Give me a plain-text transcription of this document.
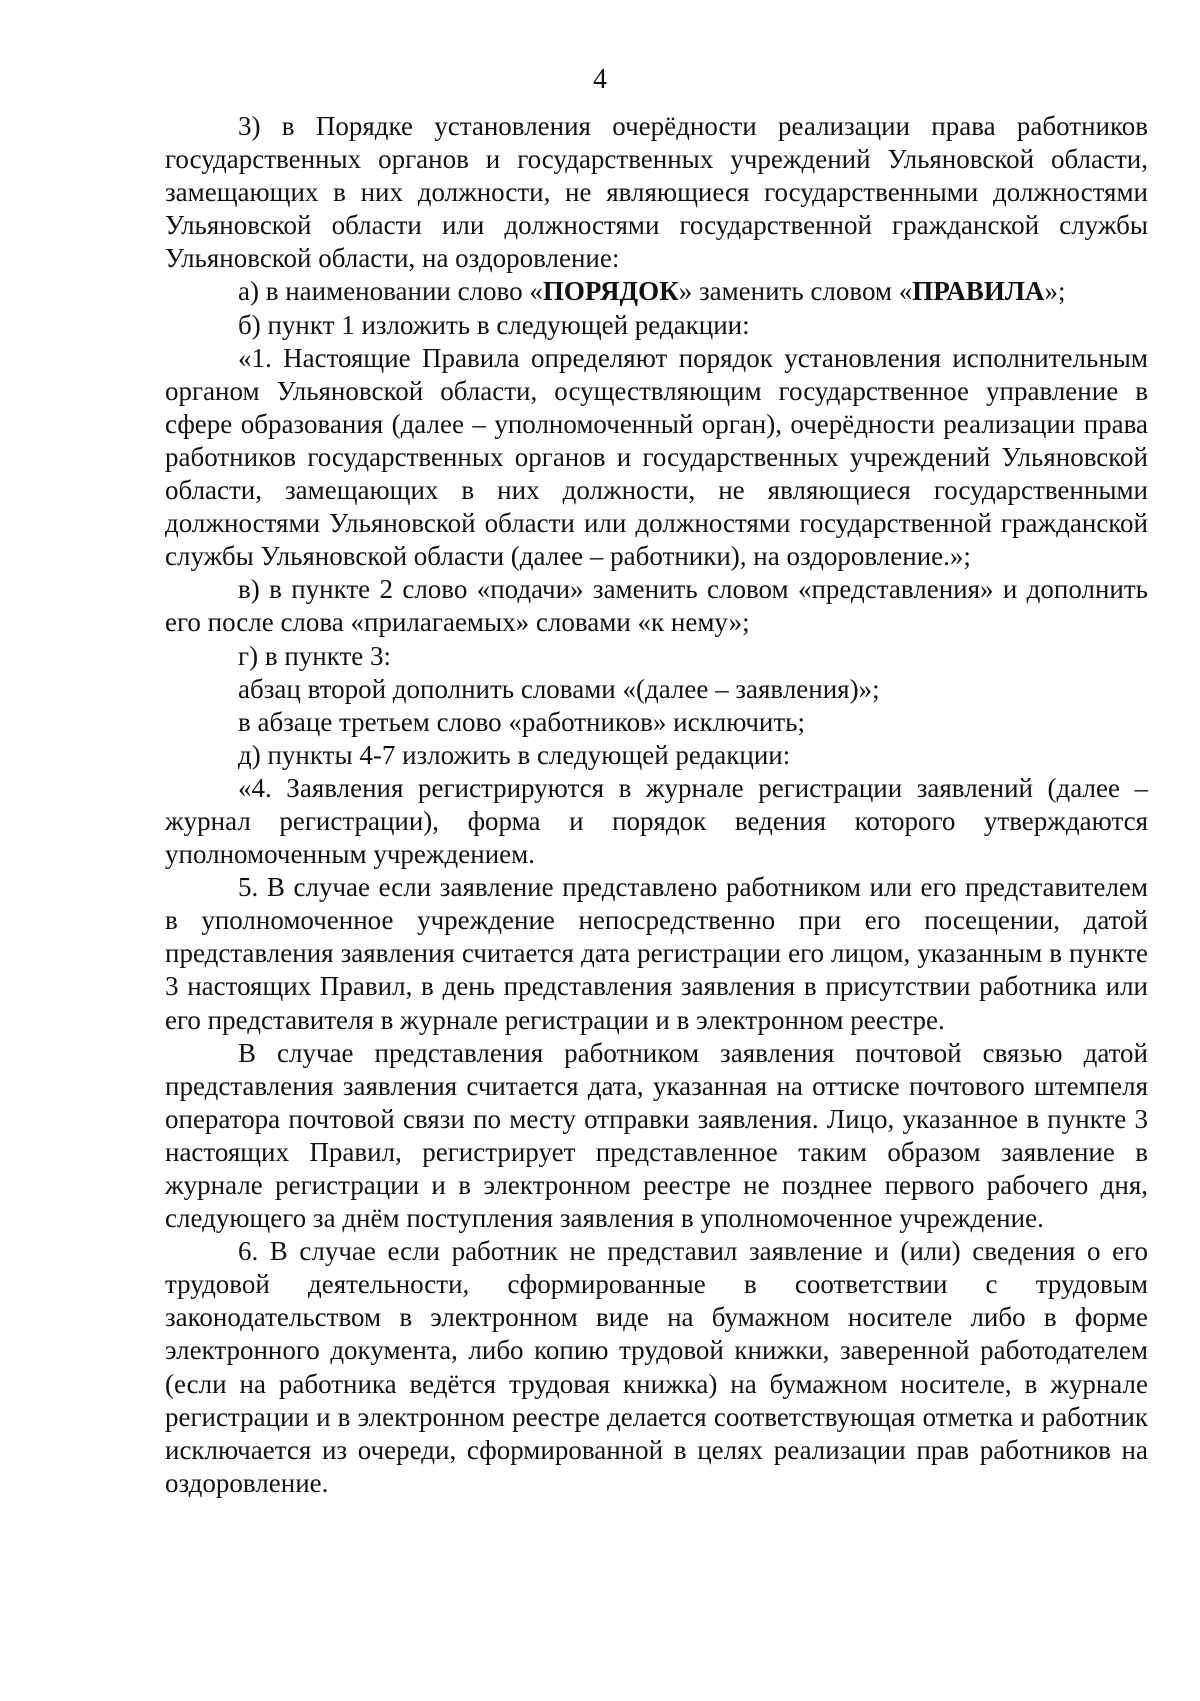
4

3) в Порядке установления очерёдности реализации права работников государственных органов и государственных учреждений Ульяновской области, замещающих в них должности, не являющиеся государственными должностями Ульяновской области или должностями государственной гражданской службы Ульяновской области, на оздоровление:

а) в наименовании слово «ПОРЯДОК» заменить словом «ПРАВИЛА»;

б) пункт 1 изложить в следующей редакции:

«1. Настоящие Правила определяют порядок установления исполнительным органом Ульяновской области, осуществляющим государственное управление в сфере образования (далее – уполномоченный орган), очерёдности реализации права работников государственных органов и государственных учреждений Ульяновской области, замещающих в них должности, не являющиеся государственными должностями Ульяновской области или должностями государственной гражданской службы Ульяновской области (далее – работники), на оздоровление.»;

в) в пункте 2 слово «подачи» заменить словом «представления» и дополнить его после слова «прилагаемых» словами «к нему»;

г) в пункте 3:

абзац второй дополнить словами «(далее – заявления)»;

в абзаце третьем слово «работников» исключить;

д) пункты 4-7 изложить в следующей редакции:

«4. Заявления регистрируются в журнале регистрации заявлений (далее – журнал регистрации), форма и порядок ведения которого утверждаются уполномоченным учреждением.

5. В случае если заявление представлено работником или его представителем в уполномоченное учреждение непосредственно при его посещении, датой представления заявления считается дата регистрации его лицом, указанным в пункте 3 настоящих Правил, в день представления заявления в присутствии работника или его представителя в журнале регистрации и в электронном реестре.

В случае представления работником заявления почтовой связью датой представления заявления считается дата, указанная на оттиске почтового штемпеля оператора почтовой связи по месту отправки заявления. Лицо, указанное в пункте 3 настоящих Правил, регистрирует представленное таким образом заявление в журнале регистрации и в электронном реестре не позднее первого рабочего дня, следующего за днём поступления заявления в уполномоченное учреждение.

6. В случае если работник не представил заявление и (или) сведения о его трудовой деятельности, сформированные в соответствии с трудовым законодательством в электронном виде на бумажном носителе либо в форме электронного документа, либо копию трудовой книжки, заверенной работодателем (если на работника ведётся трудовая книжка) на бумажном носителе, в журнале регистрации и в электронном реестре делается соответствующая отметка и работник исключается из очереди, сформированной в целях реализации прав работников на оздоровление.
